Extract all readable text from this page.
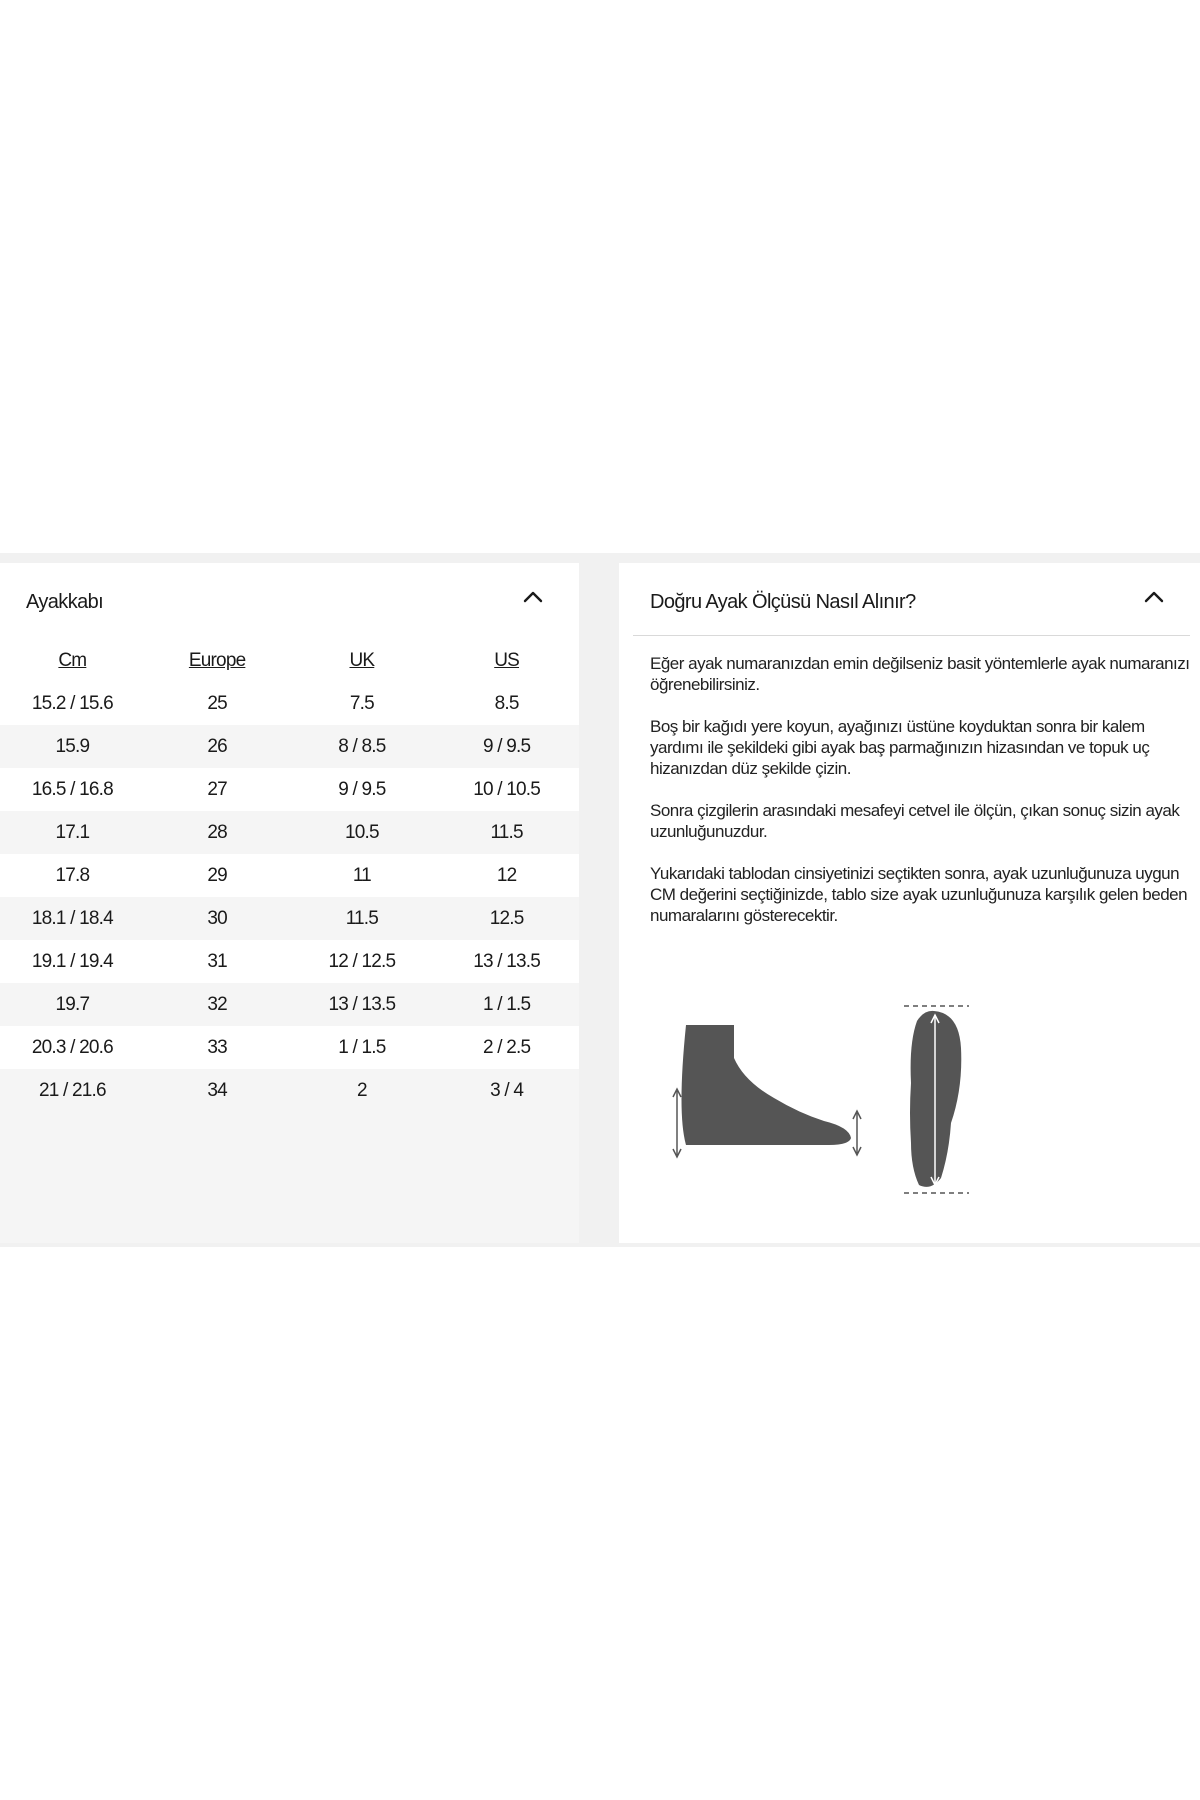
Ayakkabı
Cm	Europe	UK	US
15.2 / 15.6	25	7.5	8.5
15.9	26	8 / 8.5	9 / 9.5
16.5 / 16.8	27	9 / 9.5	10 / 10.5
17.1	28	10.5	11.5
17.8	29	11	12
18.1 / 18.4	30	11.5	12.5
19.1 / 19.4	31	12 / 12.5	13 / 13.5
19.7	32	13 / 13.5	1 / 1.5
20.3 / 20.6	33	1 / 1.5	2 / 2.5
21 / 21.6	34	2	3 / 4
Doğru Ayak Ölçüsü Nasıl Alınır?

Eğer ayak numaranızdan emin değilseniz basit yöntemlerle ayak numaranızı öğrenebilirsiniz.

Boş bir kağıdı yere koyun, ayağınızı üstüne koyduktan sonra bir kalem yardımı ile şekildeki gibi ayak baş parmağınızın hizasından ve topuk uç hizanızdan düz şekilde çizin.

Sonra çizgilerin arasındaki mesafeyi cetvel ile ölçün, çıkan sonuç sizin ayak uzunluğunuzdur.

Yukarıdaki tablodan cinsiyetinizi seçtikten sonra, ayak uzunluğunuza uygun CM değerini seçtiğinizde, tablo size ayak uzunluğunuza karşılık gelen beden numaralarını gösterecektir.
